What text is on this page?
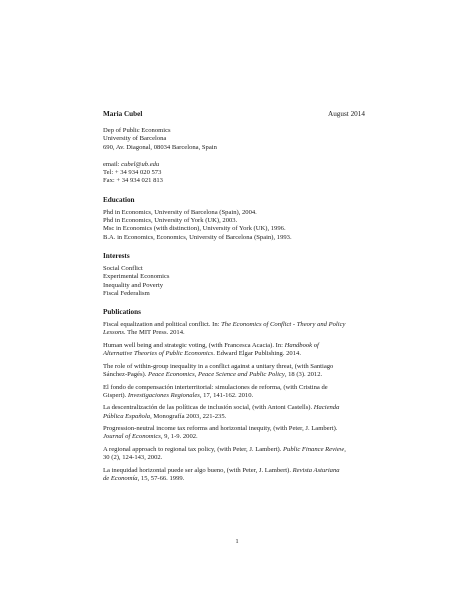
Maria Cubel	August 2014
Dep of Public Economics
University of Barcelona
690, Av. Diagonal, 08034 Barcelona, Spain
email: cubel@ub.edu
Tel: + 34 934 020 573
Fax: + 34 934 021 813
Education
Phd in Economics, University of Barcelona (Spain), 2004.
Phd in Economics, University of York (UK), 2003.
Msc in Economics (with distinction), University of York (UK), 1996.
B.A. in Economics, Economics, University of Barcelona (Spain), 1993.
Interests
Social Conflict
Experimental Economics
Inequality and Poverty
Fiscal Federalism
Publications
Fiscal equalization and political conflict. In: The Economics of Conflict - Theory and Policy Lessons. The MIT Press. 2014.
Human well being and strategic voting, (with Francesca Acacia). In: Handbook of Alternative Theories of Public Economics. Edward Elgar Publishing. 2014.
The role of within-group inequality in a conflict against a unitary threat, (with Santiago Sánchez-Pagés). Peace Economics, Peace Science and Public Policy, 18 (3). 2012.
El fondo de compensación interterritorial: simulaciones de reforma, (with Cristina de Gispert). Investigaciones Regionales, 17, 141-162. 2010.
La descentralización de las políticas de inclusión social, (with Antoni Castells). Hacienda Pública Española, Monografía 2003, 221-235.
Progression-neutral income tax reforms and horizontal inequity, (with Peter, J. Lambert). Journal of Economics, 9, 1-9. 2002.
A regional approach to regional tax policy, (with Peter, J. Lambert). Public Finance Review, 30 (2), 124-143, 2002.
La inequidad horizontal puede ser algo bueno, (with Peter, J. Lambert). Revista Asturiana de Economía, 15, 57-66. 1999.
1
